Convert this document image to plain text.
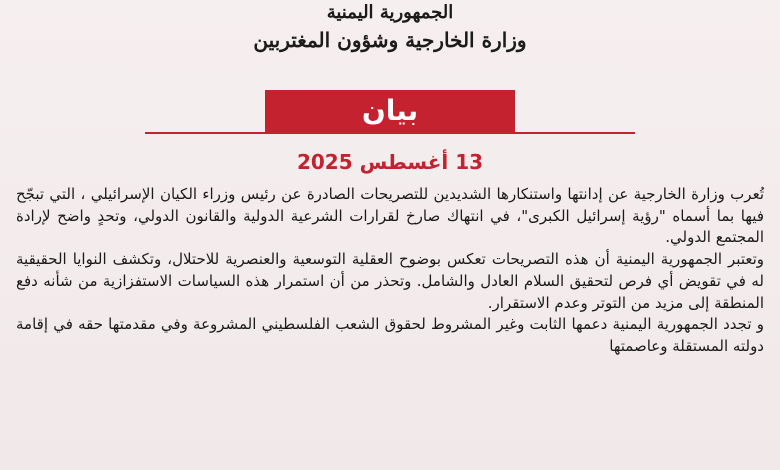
الجمهورية اليمنية
وزارة الخارجية وشؤون المغتربين
بيان
13 أغسطس 2025

تُعرب وزارة الخارجية عن إدانتها واستنكارها الشديدين للتصريحات الصادرة عن رئيس وزراء الكيان الإسرائيلي ، التي تبجّح فيها بما أسماه "رؤية إسرائيل الكبرى"، في انتهاك صارخ لقرارات الشرعية الدولية والقانون الدولي، وتحدٍ واضح لإرادة المجتمع الدولي.

وتعتبر الجمهورية اليمنية أن هذه التصريحات تعكس بوضوح العقلية التوسعية والعنصرية للاحتلال، وتكشف النوايا الحقيقية له في تقويض أي فرص لتحقيق السلام العادل والشامل. وتحذر من أن استمرار هذه السياسات الاستفزازية من شأنه دفع المنطقة إلى مزيد من التوتر وعدم الاستقرار.

و تجدد الجمهورية اليمنية دعمها الثابت وغير المشروط لحقوق الشعب الفلسطيني المشروعة وفي مقدمتها حقه في إقامة دولته المستقلة وعاصمتها
